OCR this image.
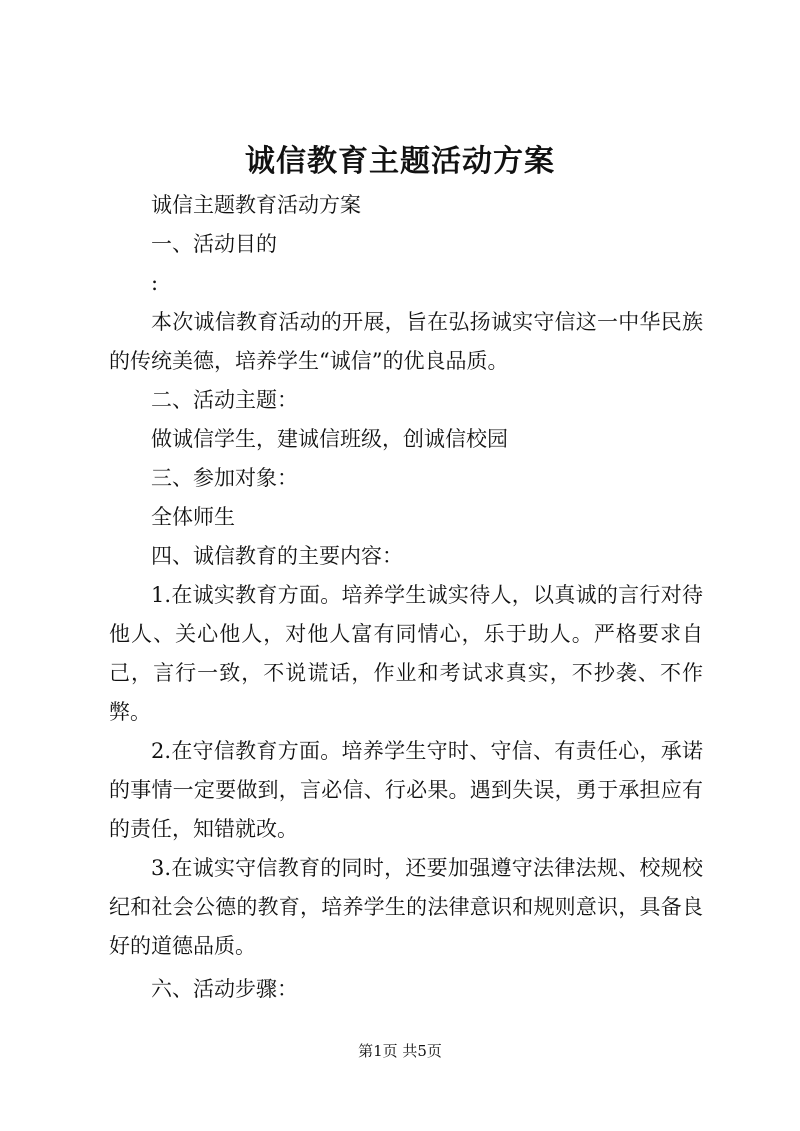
诚信教育主题活动方案

诚信主题教育活动方案

一、活动目的

:

本次诚信教育活动的开展，旨在弘扬诚实守信这一中华民族的传统美德，培养学生“诚信”的优良品质。

二、活动主题：

做诚信学生，建诚信班级，创诚信校园

三、参加对象：

全体师生

四、诚信教育的主要内容：

1.在诚实教育方面。培养学生诚实待人，以真诚的言行对待他人、关心他人，对他人富有同情心，乐于助人。严格要求自己，言行一致，不说谎话，作业和考试求真实，不抄袭、不作弊。

2.在守信教育方面。培养学生守时、守信、有责任心，承诺的事情一定要做到，言必信、行必果。遇到失误，勇于承担应有的责任，知错就改。

3.在诚实守信教育的同时，还要加强遵守法律法规、校规校纪和社会公德的教育，培养学生的法律意识和规则意识，具备良好的道德品质。

六、活动步骤：

第1页 共5页
